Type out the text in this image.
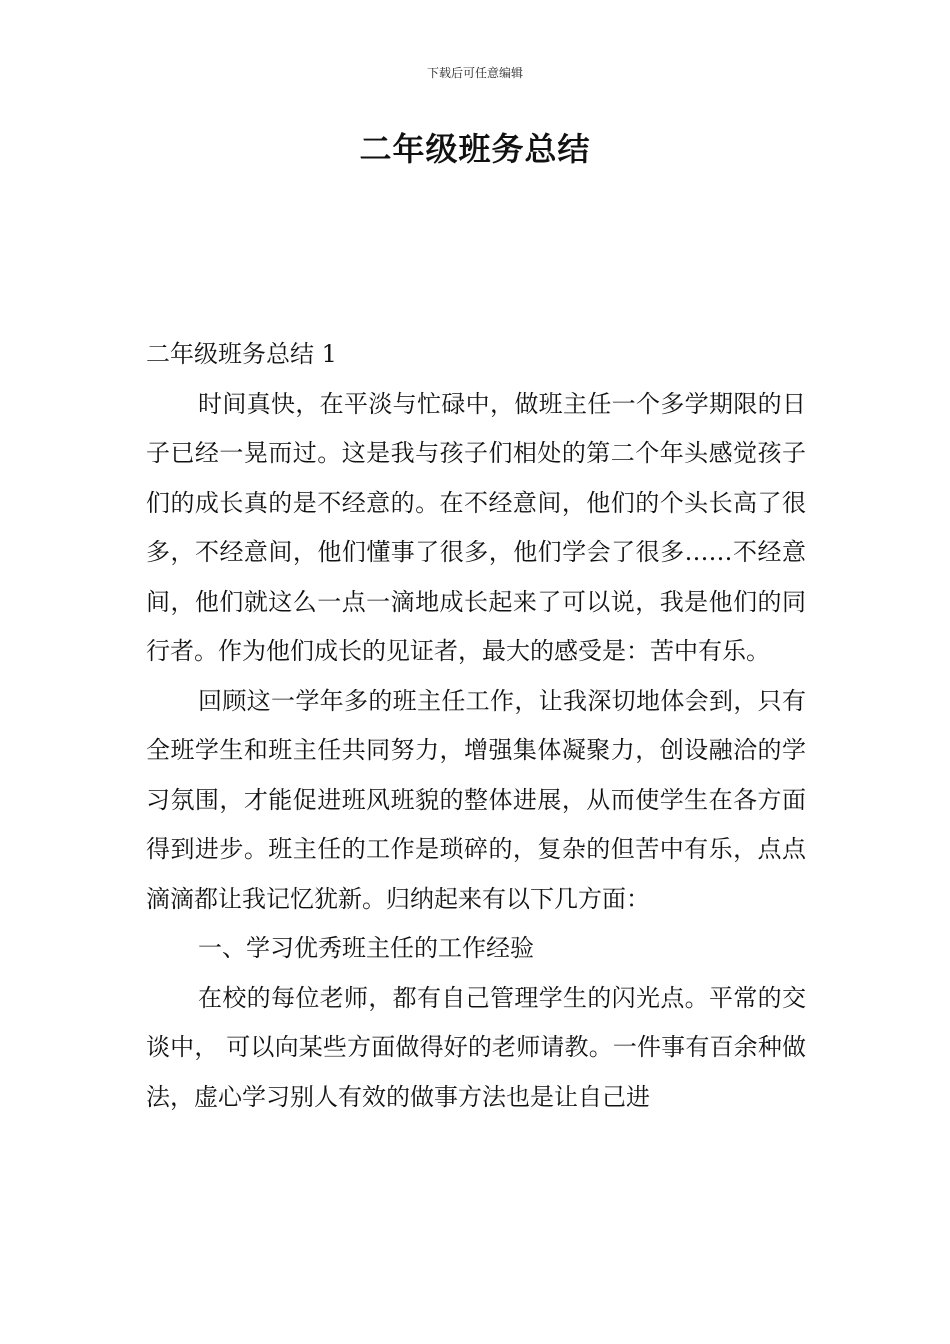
下载后可任意编辑
二年级班务总结

二年级班务总结 1

时间真快，在平淡与忙碌中，做班主任一个多学期限的日子已经一晃而过。这是我与孩子们相处的第二个年头感觉孩子们的成长真的是不经意的。在不经意间，他们的个头长高了很多，不经意间，他们懂事了很多，他们学会了很多……不经意间，他们就这么一点一滴地成长起来了可以说，我是他们的同行者。作为他们成长的见证者，最大的感受是：苦中有乐。

回顾这一学年多的班主任工作，让我深切地体会到，只有全班学生和班主任共同努力，增强集体凝聚力，创设融洽的学习氛围，才能促进班风班貌的整体进展，从而使学生在各方面得到进步。班主任的工作是琐碎的，复杂的但苦中有乐，点点滴滴都让我记忆犹新。归纳起来有以下几方面：

一、学习优秀班主任的工作经验

在校的每位老师，都有自己管理学生的闪光点。平常的交谈中， 可以向某些方面做得好的老师请教。一件事有百余种做法，虚心学习别人有效的做事方法也是让自己进
